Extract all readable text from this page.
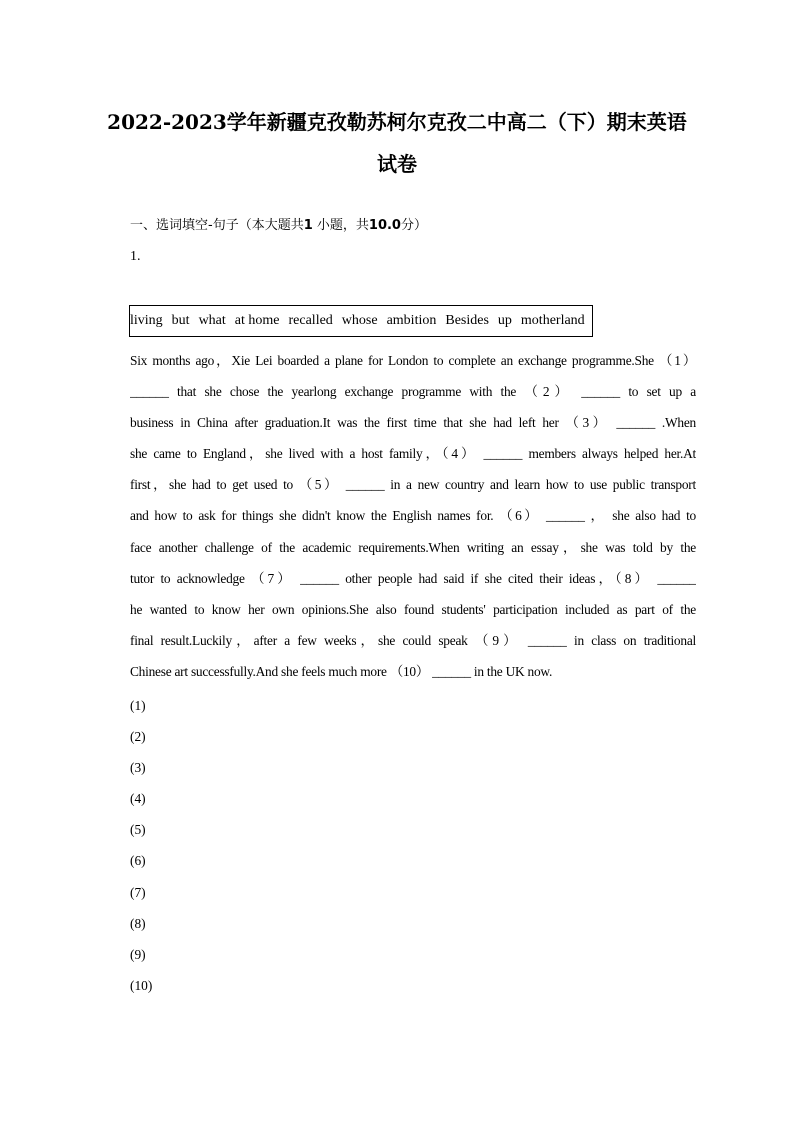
2022-2023学年新疆克孜勒苏柯尔克孜二中高二（下）期末英语
试卷
一、选词填空-句子（本大题共1 小题，共10.0分）
1.
living but what at home recalled whose ambition Besides up motherland
Six months ago，Xie Lei boarded a plane for London to complete an exchange programme.She （1）
______ that she chose the yearlong exchange programme with the （2） ______ to set up a
business in China after graduation.It was the first time that she had left her （3） ______ .When
she came to England，she lived with a host family，（4） ______ members always helped her.At
first，she had to get used to （5） ______ in a new country and learn how to use public transport
and how to ask for things she didn't know the English names for. （6） ______ ， she also had to
face another challenge of the academic requirements.When writing an essay，she was told by the
tutor to acknowledge （7） ______ other people had said if she cited their ideas，（8） ______
he wanted to know her own opinions.She also found students' participation included as part of the
final result.Luckily，after a few weeks，she could speak （9） ______ in class on traditional
Chinese art successfully.And she feels much more （10） ______ in the UK now.
(1)
(2)
(3)
(4)
(5)
(6)
(7)
(8)
(9)
(10)
